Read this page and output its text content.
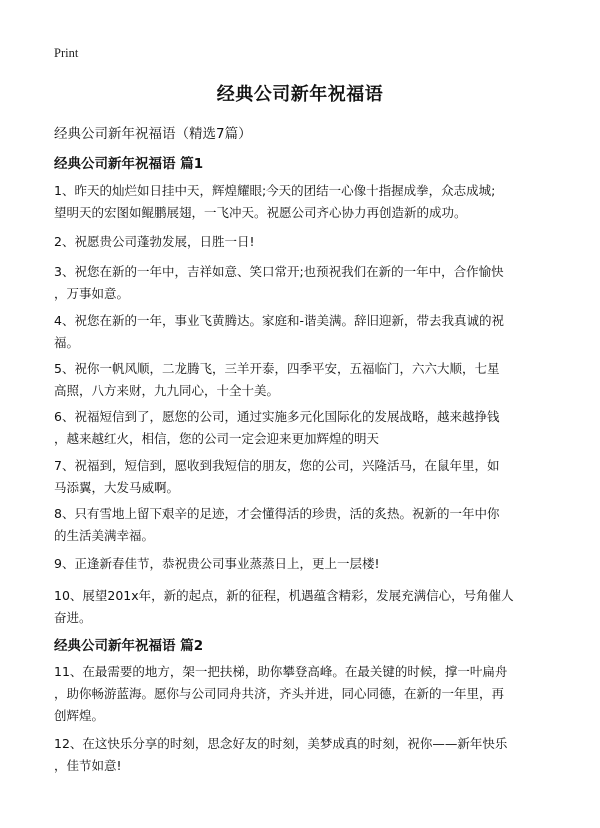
Print
经典公司新年祝福语
经典公司新年祝福语（精选7篇）
经典公司新年祝福语 篇1
1、昨天的灿烂如日挂中天，辉煌耀眼;今天的团结一心像十指握成拳，众志成城;
望明天的宏图如鲲鹏展翅，一飞冲天。祝愿公司齐心协力再创造新的成功。
2、祝愿贵公司蓬勃发展，日胜一日!
3、祝您在新的一年中，吉祥如意、笑口常开;也预祝我们在新的一年中，合作愉快
，万事如意。
4、祝您在新的一年，事业飞黄腾达。家庭和-谐美满。辞旧迎新，带去我真诚的祝
福。
5、祝你一帆风顺，二龙腾飞，三羊开泰，四季平安，五福临门，六六大顺，七星
高照，八方来财，九九同心，十全十美。
6、祝福短信到了，愿您的公司，通过实施多元化国际化的发展战略，越来越挣钱
，越来越红火，相信，您的公司一定会迎来更加辉煌的明天
7、祝福到，短信到，愿收到我短信的朋友，您的公司，兴隆活马，在鼠年里，如
马添翼，大发马威啊。
8、只有雪地上留下艰辛的足迹，才会懂得活的珍贵，活的炙热。祝新的一年中你
的生活美满幸福。
9、正逢新春佳节，恭祝贵公司事业蒸蒸日上，更上一层楼!
10、展望201x年，新的起点，新的征程，机遇蕴含精彩，发展充满信心，号角催人
奋进。
经典公司新年祝福语 篇2
11、在最需要的地方，架一把扶梯，助你攀登高峰。在最关键的时候，撑一叶扁舟
，助你畅游蓝海。愿你与公司同舟共济，齐头并进，同心同德，在新的一年里，再
创辉煌。
12、在这快乐分享的时刻，思念好友的时刻，美梦成真的时刻，祝你——新年快乐
，佳节如意!
